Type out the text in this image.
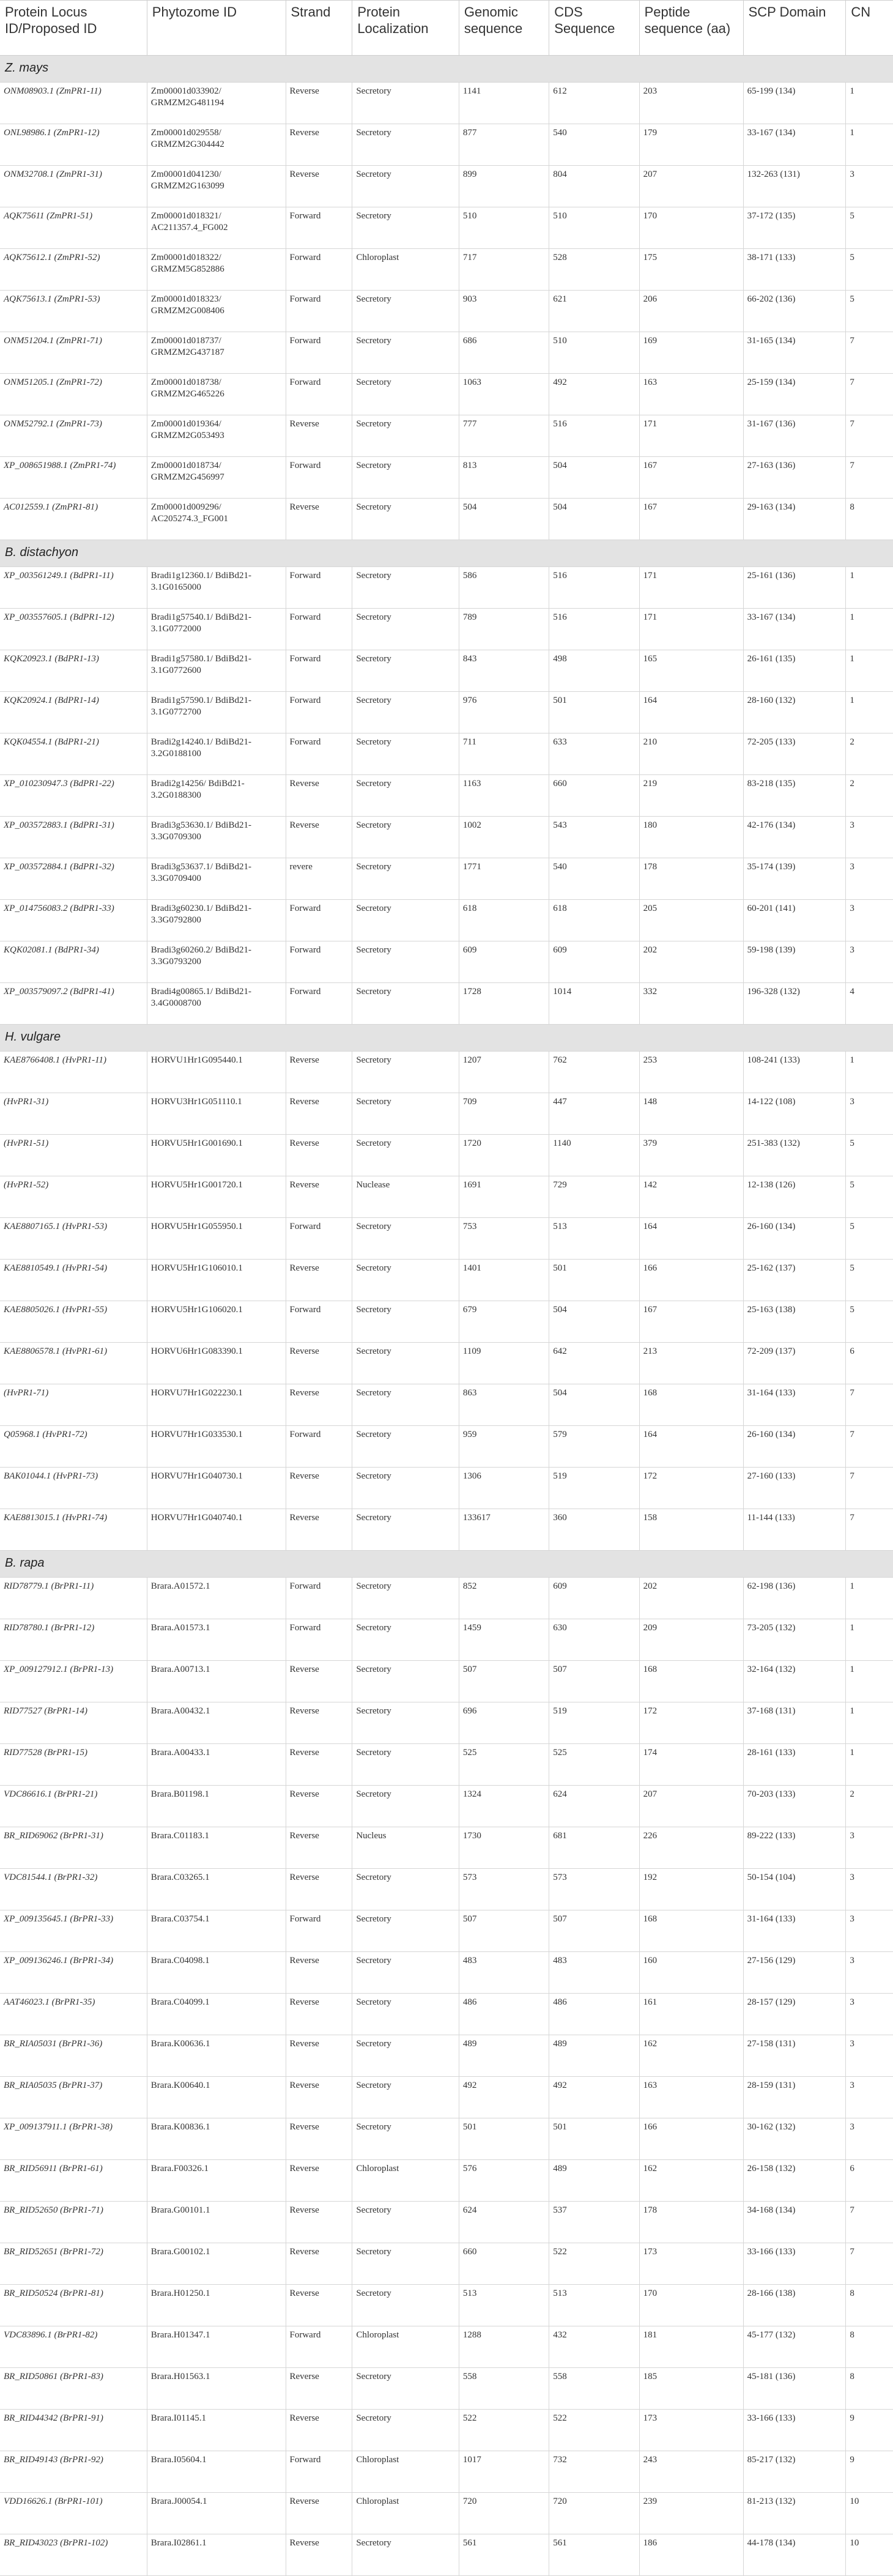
Protein Locus ID/Proposed ID	Phytozome ID	Strand	Protein Localization	Genomic sequence	CDS Sequence	Peptide sequence (aa)	SCP Domain	CN
Z. mays								
ONM08903.1 (ZmPR1-11)	Zm00001d033902/ GRMZM2G481194	Reverse	Secretory	1141	612	203	65-199 (134)	1
ONL98986.1 (ZmPR1-12)	Zm00001d029558/ GRMZM2G304442	Reverse	Secretory	877	540	179	33-167 (134)	1
ONM32708.1 (ZmPR1-31)	Zm00001d041230/ GRMZM2G163099	Reverse	Secretory	899	804	207	132-263 (131)	3
AQK75611 (ZmPR1-51)	Zm00001d018321/ AC211357.4_FG002	Forward	Secretory	510	510	170	37-172 (135)	5
AQK75612.1 (ZmPR1-52)	Zm00001d018322/ GRMZM5G852886	Forward	Chloroplast	717	528	175	38-171 (133)	5
AQK75613.1 (ZmPR1-53)	Zm00001d018323/ GRMZM2G008406	Forward	Secretory	903	621	206	66-202 (136)	5
ONM51204.1 (ZmPR1-71)	Zm00001d018737/ GRMZM2G437187	Forward	Secretory	686	510	169	31-165 (134)	7
ONM51205.1 (ZmPR1-72)	Zm00001d018738/ GRMZM2G465226	Forward	Secretory	1063	492	163	25-159 (134)	7
ONM52792.1 (ZmPR1-73)	Zm00001d019364/ GRMZM2G053493	Reverse	Secretory	777	516	171	31-167 (136)	7
XP_008651988.1 (ZmPR1-74)	Zm00001d018734/ GRMZM2G456997	Forward	Secretory	813	504	167	27-163 (136)	7
AC012559.1 (ZmPR1-81)	Zm00001d009296/ AC205274.3_FG001	Reverse	Secretory	504	504	167	29-163 (134)	8
B. distachyon								
XP_003561249.1 (BdPR1-11)	Bradi1g12360.1/ BdiBd21-3.1G0165000	Forward	Secretory	586	516	171	25-161 (136)	1
XP_003557605.1 (BdPR1-12)	Bradi1g57540.1/ BdiBd21-3.1G0772000	Forward	Secretory	789	516	171	33-167 (134)	1
KQK20923.1 (BdPR1-13)	Bradi1g57580.1/ BdiBd21-3.1G0772600	Forward	Secretory	843	498	165	26-161 (135)	1
KQK20924.1 (BdPR1-14)	Bradi1g57590.1/ BdiBd21-3.1G0772700	Forward	Secretory	976	501	164	28-160 (132)	1
KQK04554.1 (BdPR1-21)	Bradi2g14240.1/ BdiBd21-3.2G0188100	Forward	Secretory	711	633	210	72-205 (133)	2
XP_010230947.3 (BdPR1-22)	Bradi2g14256/ BdiBd21-3.2G0188300	Reverse	Secretory	1163	660	219	83-218 (135)	2
XP_003572883.1 (BdPR1-31)	Bradi3g53630.1/ BdiBd21-3.3G0709300	Reverse	Secretory	1002	543	180	42-176 (134)	3
XP_003572884.1 (BdPR1-32)	Bradi3g53637.1/ BdiBd21-3.3G0709400	revere	Secretory	1771	540	178	35-174 (139)	3
XP_014756083.2 (BdPR1-33)	Bradi3g60230.1/ BdiBd21-3.3G0792800	Forward	Secretory	618	618	205	60-201 (141)	3
KQK02081.1 (BdPR1-34)	Bradi3g60260.2/ BdiBd21-3.3G0793200	Forward	Secretory	609	609	202	59-198 (139)	3
XP_003579097.2 (BdPR1-41)	Bradi4g00865.1/ BdiBd21-3.4G0008700	Forward	Secretory	1728	1014	332	196-328 (132)	4
H. vulgare								
KAE8766408.1 (HvPR1-11)	HORVU1Hr1G095440.1	Reverse	Secretory	1207	762	253	108-241 (133)	1
(HvPR1-31)	HORVU3Hr1G051110.1	Reverse	Secretory	709	447	148	14-122 (108)	3
(HvPR1-51)	HORVU5Hr1G001690.1	Reverse	Secretory	1720	1140	379	251-383 (132)	5
(HvPR1-52)	HORVU5Hr1G001720.1	Reverse	Nuclease	1691	729	142	12-138 (126)	5
KAE8807165.1 (HvPR1-53)	HORVU5Hr1G055950.1	Forward	Secretory	753	513	164	26-160 (134)	5
KAE8810549.1 (HvPR1-54)	HORVU5Hr1G106010.1	Reverse	Secretory	1401	501	166	25-162 (137)	5
KAE8805026.1 (HvPR1-55)	HORVU5Hr1G106020.1	Forward	Secretory	679	504	167	25-163 (138)	5
KAE8806578.1 (HvPR1-61)	HORVU6Hr1G083390.1	Reverse	Secretory	1109	642	213	72-209 (137)	6
(HvPR1-71)	HORVU7Hr1G022230.1	Reverse	Secretory	863	504	168	31-164 (133)	7
Q05968.1 (HvPR1-72)	HORVU7Hr1G033530.1	Forward	Secretory	959	579	164	26-160 (134)	7
BAK01044.1 (HvPR1-73)	HORVU7Hr1G040730.1	Reverse	Secretory	1306	519	172	27-160 (133)	7
KAE8813015.1 (HvPR1-74)	HORVU7Hr1G040740.1	Reverse	Secretory	133617	360	158	11-144 (133)	7
B. rapa								
RID78779.1 (BrPR1-11)	Brara.A01572.1	Forward	Secretory	852	609	202	62-198 (136)	1
RID78780.1 (BrPR1-12)	Brara.A01573.1	Forward	Secretory	1459	630	209	73-205 (132)	1
XP_009127912.1 (BrPR1-13)	Brara.A00713.1	Reverse	Secretory	507	507	168	32-164 (132)	1
RID77527 (BrPR1-14)	Brara.A00432.1	Reverse	Secretory	696	519	172	37-168 (131)	1
RID77528 (BrPR1-15)	Brara.A00433.1	Reverse	Secretory	525	525	174	28-161 (133)	1
VDC86616.1 (BrPR1-21)	Brara.B01198.1	Reverse	Secretory	1324	624	207	70-203 (133)	2
BR_RID69062 (BrPR1-31)	Brara.C01183.1	Reverse	Nucleus	1730	681	226	89-222 (133)	3
VDC81544.1 (BrPR1-32)	Brara.C03265.1	Reverse	Secretory	573	573	192	50-154 (104)	3
XP_009135645.1 (BrPR1-33)	Brara.C03754.1	Forward	Secretory	507	507	168	31-164 (133)	3
XP_009136246.1 (BrPR1-34)	Brara.C04098.1	Reverse	Secretory	483	483	160	27-156 (129)	3
AAT46023.1 (BrPR1-35)	Brara.C04099.1	Reverse	Secretory	486	486	161	28-157 (129)	3
BR_RIA05031 (BrPR1-36)	Brara.K00636.1	Reverse	Secretory	489	489	162	27-158 (131)	3
BR_RIA05035 (BrPR1-37)	Brara.K00640.1	Reverse	Secretory	492	492	163	28-159 (131)	3
XP_009137911.1 (BrPR1-38)	Brara.K00836.1	Reverse	Secretory	501	501	166	30-162 (132)	3
BR_RID56911 (BrPR1-61)	Brara.F00326.1	Reverse	Chloroplast	576	489	162	26-158 (132)	6
BR_RID52650 (BrPR1-71)	Brara.G00101.1	Reverse	Secretory	624	537	178	34-168 (134)	7
BR_RID52651 (BrPR1-72)	Brara.G00102.1	Reverse	Secretory	660	522	173	33-166 (133)	7
BR_RID50524 (BrPR1-81)	Brara.H01250.1	Reverse	Secretory	513	513	170	28-166 (138)	8
VDC83896.1 (BrPR1-82)	Brara.H01347.1	Forward	Chloroplast	1288	432	181	45-177 (132)	8
BR_RID50861 (BrPR1-83)	Brara.H01563.1	Reverse	Secretory	558	558	185	45-181 (136)	8
BR_RID44342 (BrPR1-91)	Brara.I01145.1	Reverse	Secretory	522	522	173	33-166 (133)	9
BR_RID49143 (BrPR1-92)	Brara.I05604.1	Forward	Chloroplast	1017	732	243	85-217 (132)	9
VDD16626.1 (BrPR1-101)	Brara.J00054.1	Reverse	Chloroplast	720	720	239	81-213 (132)	10
BR_RID43023 (BrPR1-102)	Brara.I02861.1	Reverse	Secretory	561	561	186	44-178 (134)	10
